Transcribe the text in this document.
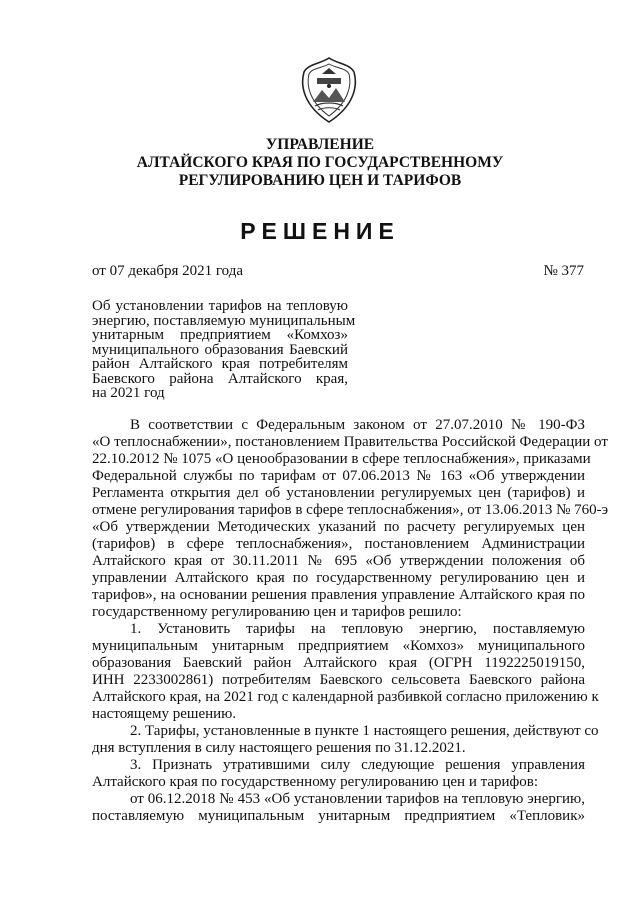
УПРАВЛЕНИЕ
АЛТАЙСКОГО КРАЯ ПО ГОСУДАРСТВЕННОМУ
РЕГУЛИРОВАНИЮ ЦЕН И ТАРИФОВ
РЕШЕНИЕ
от 07 декабря 2021 года	№ 377
Об установлении тарифов на тепловую
энергию, поставляемую муниципальным
унитарным предприятием «Комхоз»
муниципального образования Баевский
район Алтайского края потребителям
Баевского района Алтайского края,
на 2021 год
В соответствии с Федеральным законом от 27.07.2010 № 190-ФЗ
«О теплоснабжении», постановлением Правительства Российской Федерации от
22.10.2012 № 1075 «О ценообразовании в сфере теплоснабжения», приказами
Федеральной службы по тарифам от 07.06.2013 № 163 «Об утверждении
Регламента открытия дел об установлении регулируемых цен (тарифов) и
отмене регулирования тарифов в сфере теплоснабжения», от 13.06.2013 № 760-э
«Об утверждении Методических указаний по расчету регулируемых цен
(тарифов) в сфере теплоснабжения», постановлением Администрации
Алтайского края от 30.11.2011 № 695 «Об утверждении положения об
управлении Алтайского края по государственному регулированию цен и
тарифов», на основании решения правления управление Алтайского края по
государственному регулированию цен и тарифов решило:
1. Установить тарифы на тепловую энергию, поставляемую
муниципальным унитарным предприятием «Комхоз» муниципального
образования Баевский район Алтайского края (ОГРН 1192225019150,
ИНН 2233002861) потребителям Баевского сельсовета Баевского района
Алтайского края, на 2021 год с календарной разбивкой согласно приложению к
настоящему решению.
2. Тарифы, установленные в пункте 1 настоящего решения, действуют со
дня вступления в силу настоящего решения по 31.12.2021.
3. Признать утратившими силу следующие решения управления
Алтайского края по государственному регулированию цен и тарифов:
от 06.12.2018 № 453 «Об установлении тарифов на тепловую энергию,
поставляемую муниципальным унитарным предприятием «Тепловик»
